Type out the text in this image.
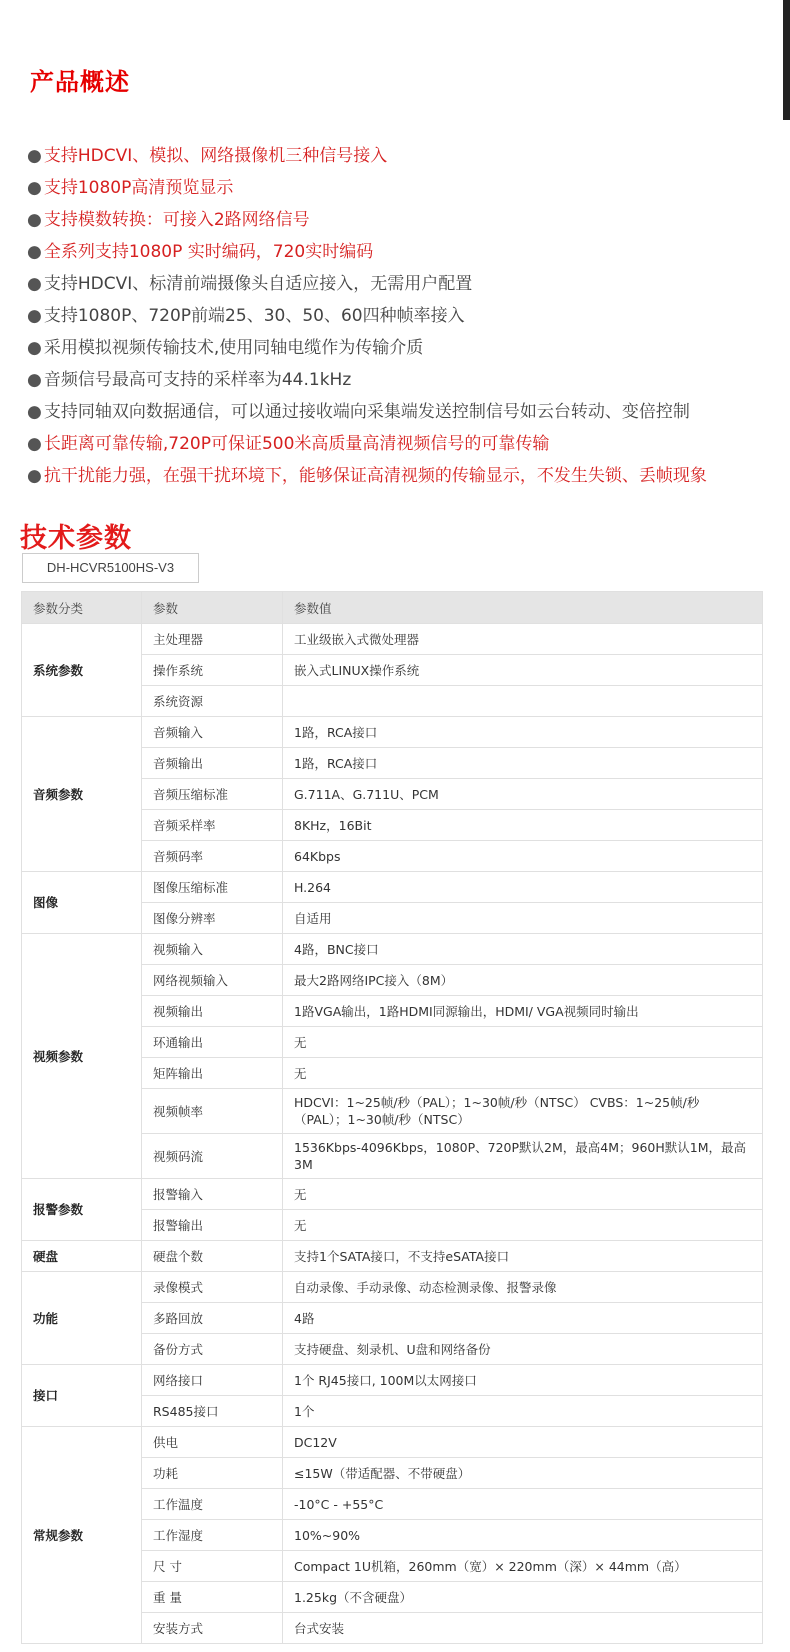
产品概述
● 支持HDCVI、模拟、网络摄像机三种信号接入
● 支持1080P高清预览显示
● 支持模数转换：可接入2路网络信号
● 全系列支持1080P 实时编码，720实时编码
● 支持HDCVI、标清前端摄像头自适应接入，无需用户配置
● 支持1080P、720P前端25、30、50、60四种帧率接入
● 采用模拟视频传输技术,使用同轴电缆作为传输介质
● 音频信号最高可支持的采样率为44.1kHz
● 支持同轴双向数据通信，可以通过接收端向采集端发送控制信号如云台转动、变倍控制
● 长距离可靠传输,720P可保证500米高质量高清视频信号的可靠传输
● 抗干扰能力强，在强干扰环境下，能够保证高清视频的传输显示，不发生失锁、丢帧现象
技术参数
DH-HCVR5100HS-V3
参数分类	参数	参数值
系统参数	主处理器	工业级嵌入式微处理器
	操作系统	嵌入式LINUX操作系统
	系统资源	
音频参数	音频输入	1路，RCA接口
	音频输出	1路，RCA接口
	音频压缩标准	G.711A、G.711U、PCM
	音频采样率	8KHz，16Bit
	音频码率	64Kbps
图像	图像压缩标准	H.264
	图像分辨率	自适用
视频参数	视频输入	4路，BNC接口
	网络视频输入	最大2路网络IPC接入（8M）
	视频输出	1路VGA输出，1路HDMI同源输出，HDMI/ VGA视频同时输出
	环通输出	无
	矩阵输出	无
	视频帧率	HDCVI：1~25帧/秒（PAL）；1~30帧/秒（NTSC） CVBS：1~25帧/秒（PAL）；1~30帧/秒（NTSC）
	视频码流	1536Kbps-4096Kbps，1080P、720P默认2M，最高4M；960H默认1M，最高3M
报警参数	报警输入	无
	报警输出	无
硬盘	硬盘个数	支持1个SATA接口，不支持eSATA接口
功能	录像模式	自动录像、手动录像、动态检测录像、报警录像
	多路回放	4路
	备份方式	支持硬盘、刻录机、U盘和网络备份
接口	网络接口	1个 RJ45接口, 100M以太网接口
	RS485接口	1个
常规参数	供电	DC12V
	功耗	≤15W（带适配器、不带硬盘）
	工作温度	-10°C - +55°C
	工作湿度	10%~90%
	尺 寸	Compact 1U机箱，260mm（宽）× 220mm（深）× 44mm（高）
	重 量	1.25kg（不含硬盘）
	安装方式	台式安装
